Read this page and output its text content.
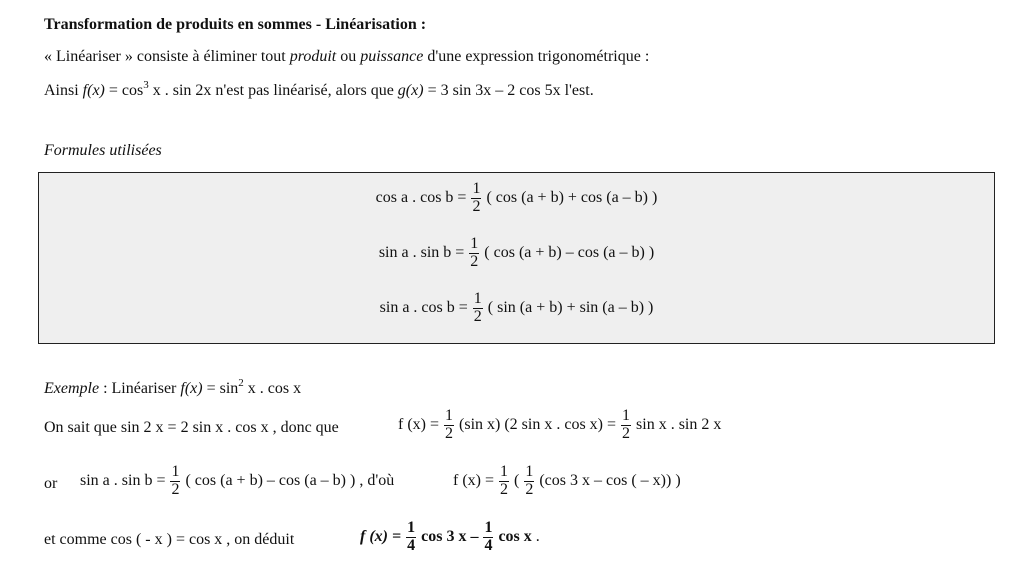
Transformation de produits en sommes - Linéarisation :
« Linéariser » consiste à éliminer tout produit ou puissance d'une expression trigonométrique :
Ainsi $f(x) = \cos^3 x$ . sin 2x n'est pas linéarisé, alors que g(x) = 3 sin 3x – 2 cos 5x l'est.
Formules utilisées
cos a . $\cos b = \frac{1}{2}$ ( cos (a + b) + cos (a – b) )
sin a . $\sin b = \frac{1}{2}$ ( cos (a + b) – cos (a – b) )
sin a . $\cos b = \frac{1}{2}$ ( sin (a + b) + sin (a – b) )
Exemple : Linéariser $f(x) = \sin^2 x$ . cos x
On sait que sin 2 x = 2 sin x . cos x , donc que	f $(x) = \frac{1}{2} (\sin$ x) (2 sin x . $\cos x) = \frac{1}{2}$ sin x . sin 2 x
or sin a . $\sin b = \frac{1}{2}$ ( cos (a + b) – cos (a – b) ) , d'où	f $(x) = \frac{1}{2}$ ( $\frac{1}{2} (\cos$ 3 x – cos ( – x)) )
et comme cos ( - x ) = cos x , on déduit	f $(x) = \frac{1}{4}$ cos 3 x – $\frac{1}{4}$ cos x .
